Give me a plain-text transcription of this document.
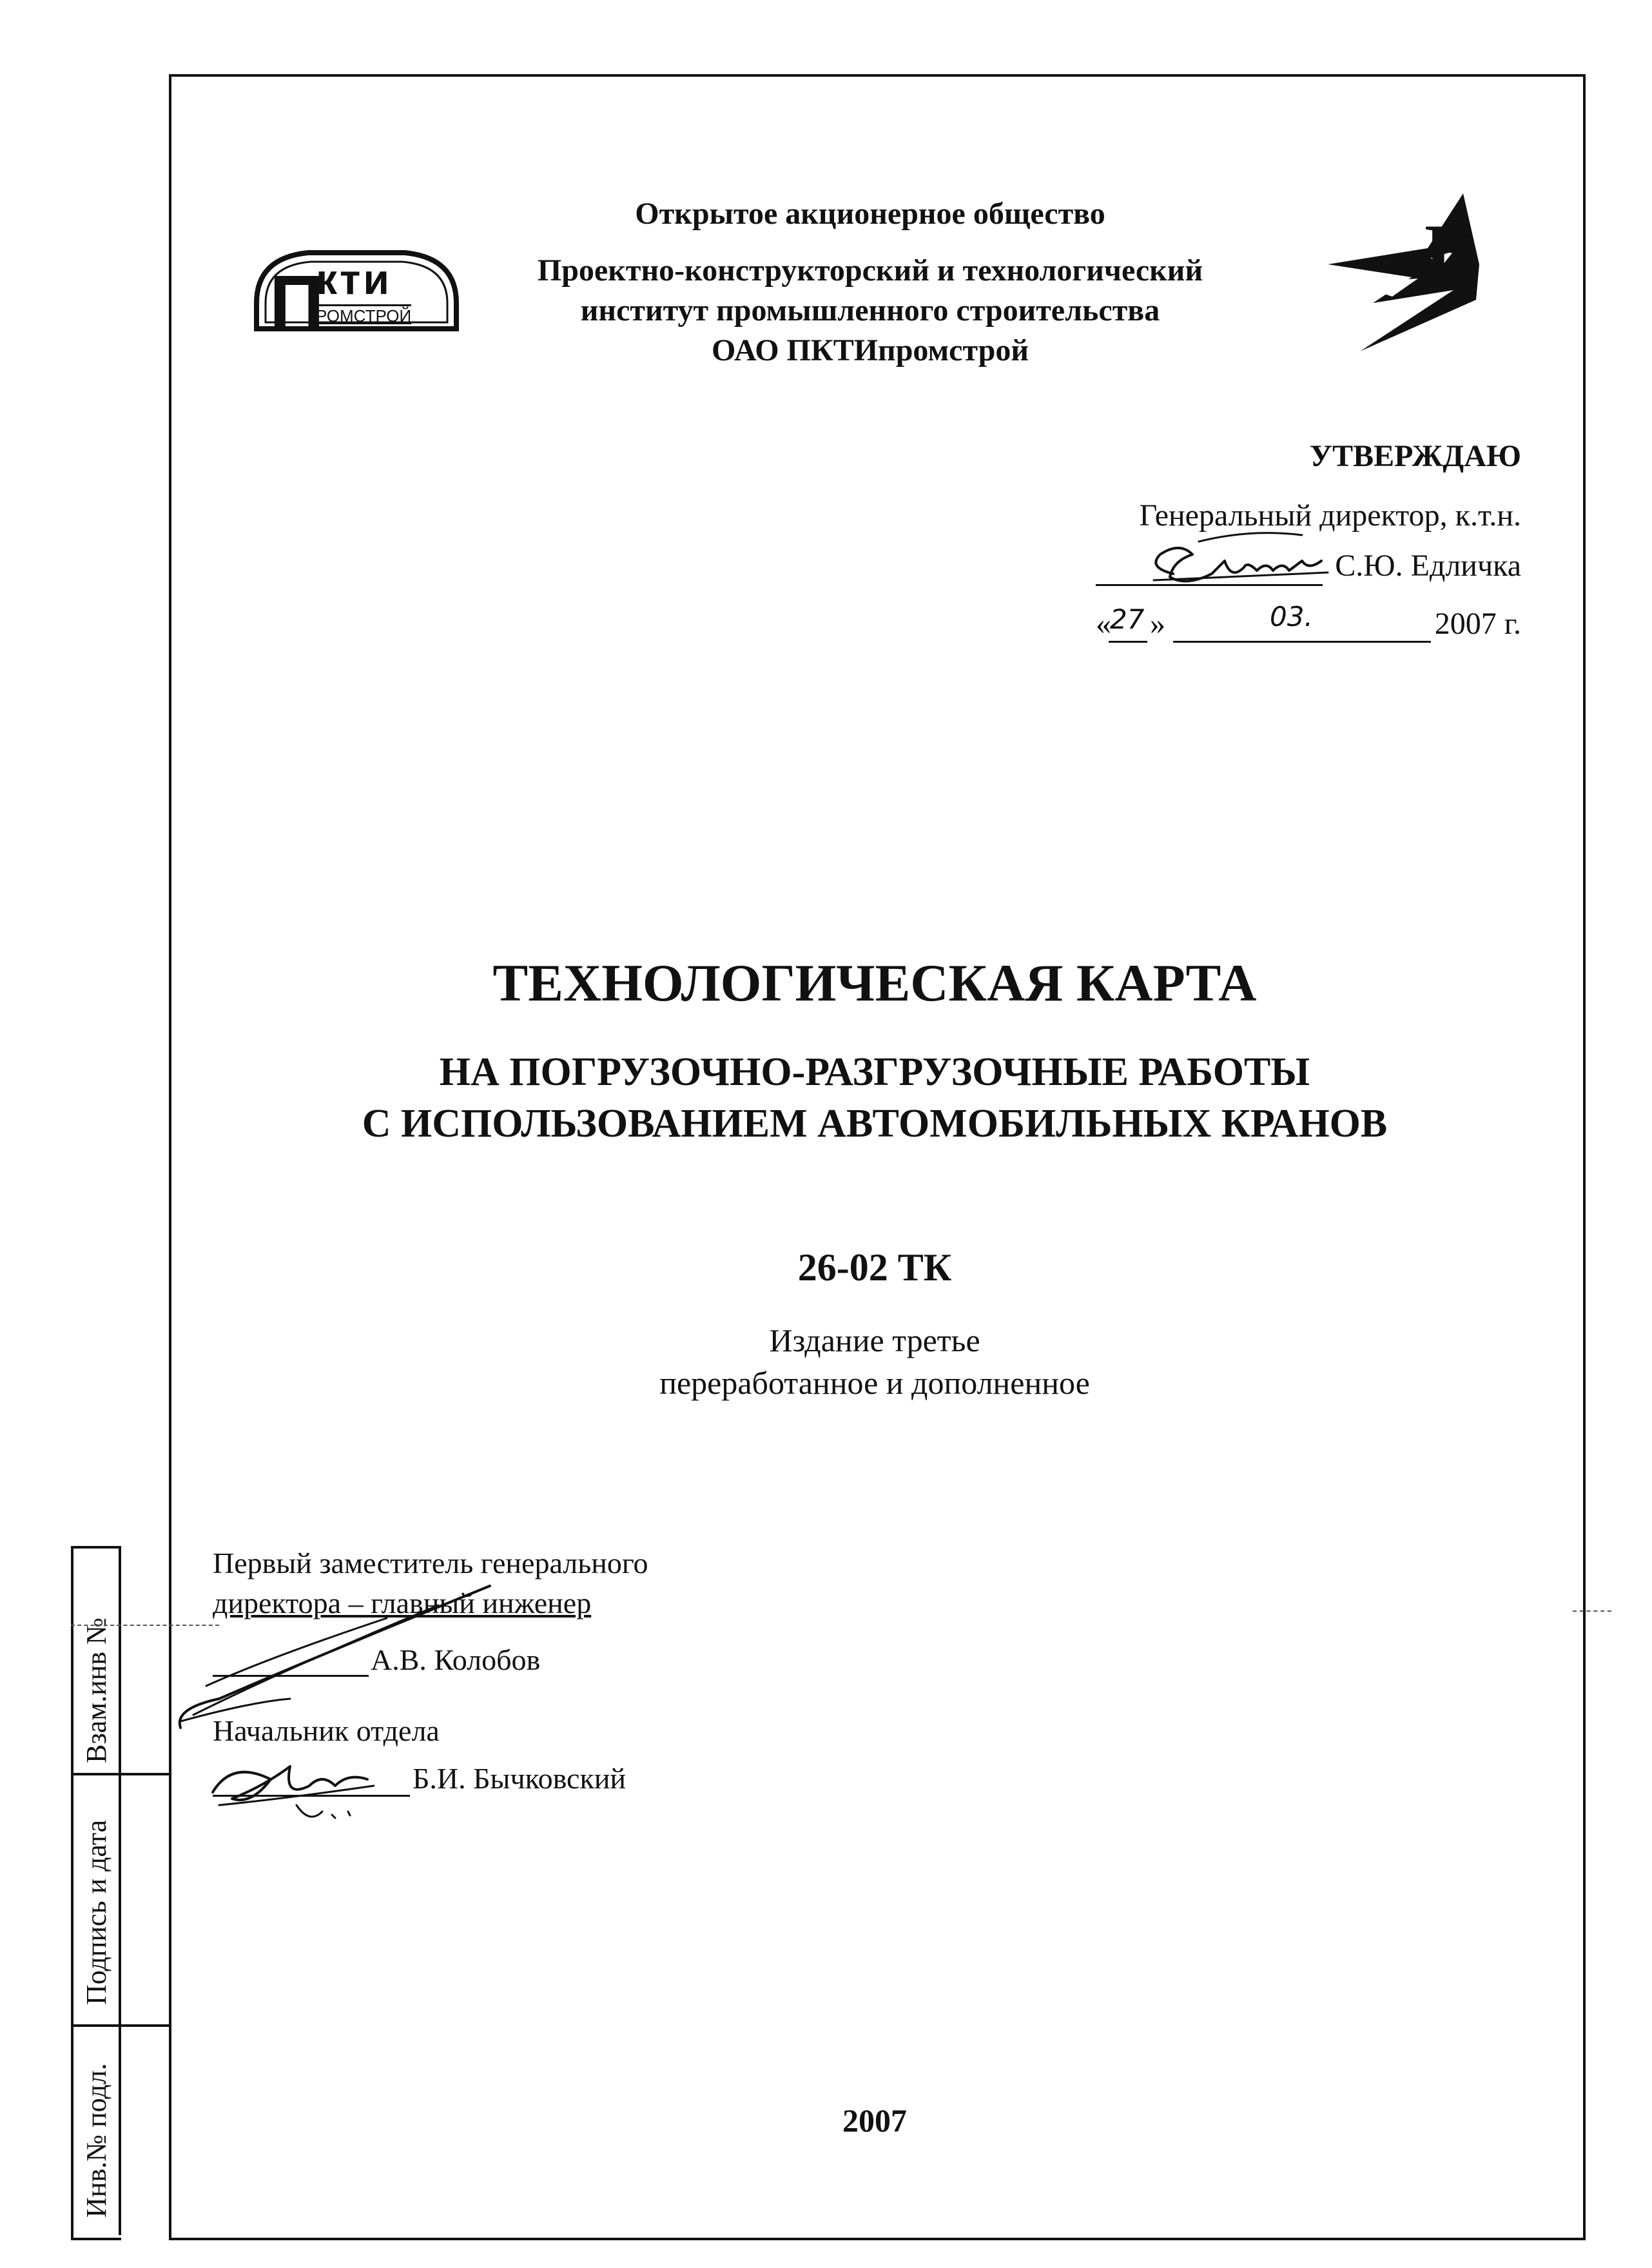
Взам.инв №
Подпись и дата
Инв.№ подл.
П
кти
РОМСТРОЙ
Открытое акционерное общество
Проектно-конструкторский и технологический
институт промышленного строительства
ОАО ПКТИпромстрой
Б
УТВЕРЖДАЮ
Генеральный директор, к.т.н.
С.Ю. Едличка
«
27 »	03.	2007 г.
ТЕХНОЛОГИЧЕСКАЯ КАРТА
НА ПОГРУЗОЧНО-РАЗГРУЗОЧНЫЕ РАБОТЫ
С ИСПОЛЬЗОВАНИЕМ АВТОМОБИЛЬНЫХ КРАНОВ
26-02 ТК
Издание третье
переработанное и дополненное
Первый заместитель генерального
директора – главный инженер
А.В. Колобов
Начальник отдела
Б.И. Бычковский
2007
